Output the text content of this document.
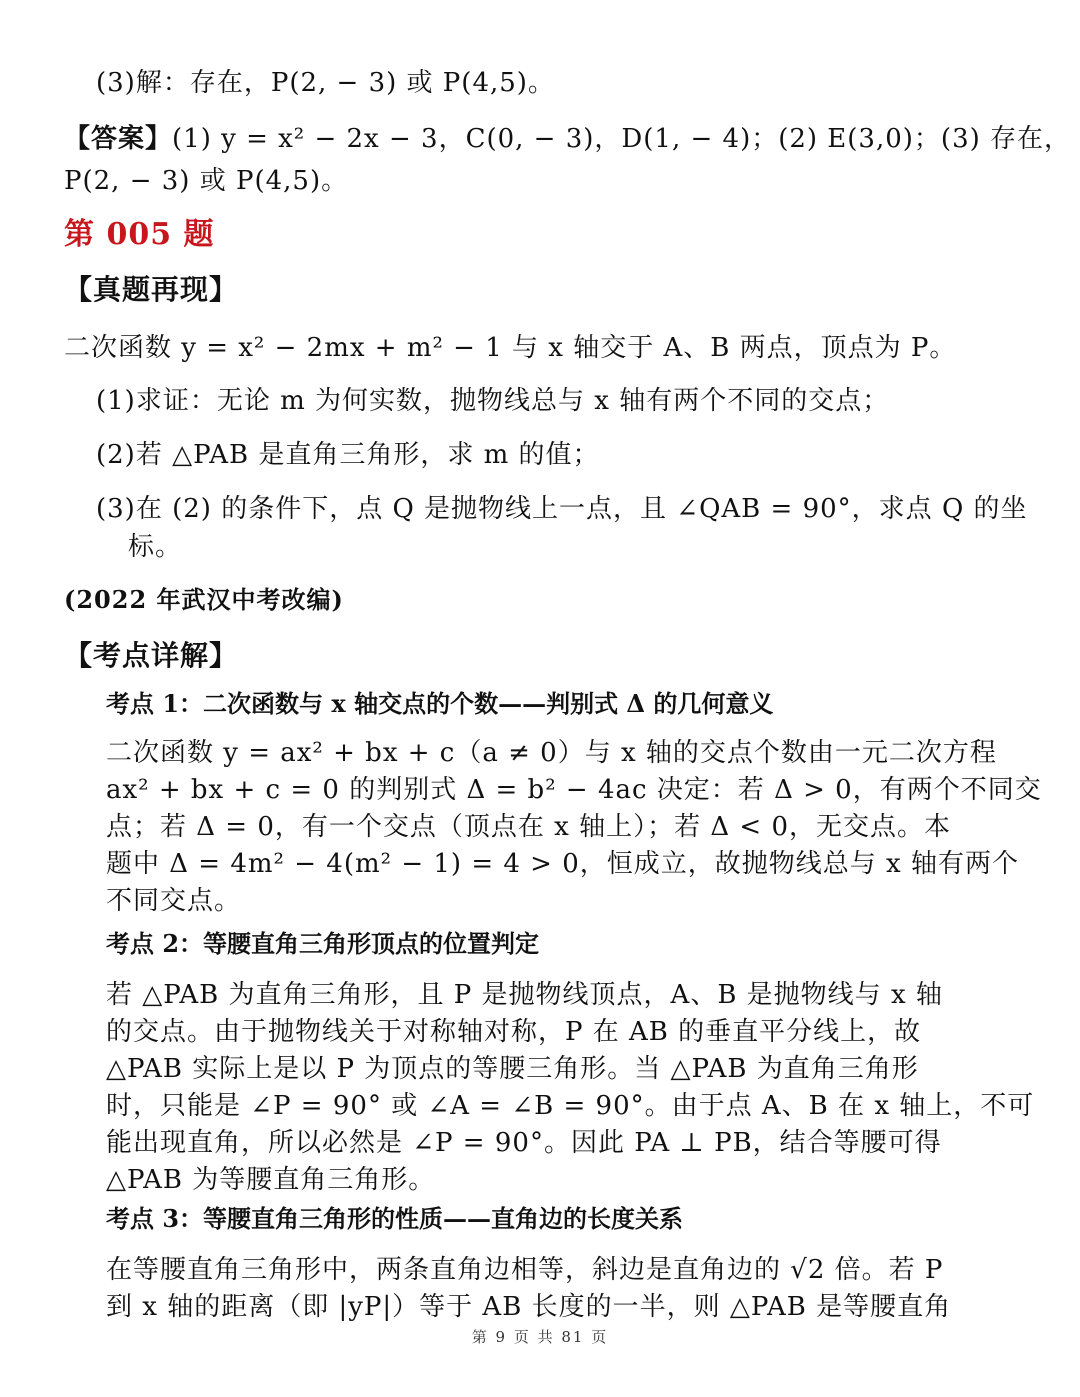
(3)解：存在，P(2, − 3) 或 P(4,5)。
【答案】(1) y = x² − 2x − 3，C(0, − 3)，D(1, − 4)；(2) E(3,0)；(3) 存在，
P(2, − 3) 或 P(4,5)。
第 005 题
【真题再现】
二次函数 y = x² − 2mx + m² − 1 与 x 轴交于 A、B 两点，顶点为 P。
(1)求证：无论 m 为何实数，抛物线总与 x 轴有两个不同的交点；
(2)若 △PAB 是直角三角形，求 m 的值；
(3)在 (2) 的条件下，点 Q 是抛物线上一点，且 ∠QAB = 90°，求点 Q 的坐
标。
(2022 年武汉中考改编)
【考点详解】
考点 1：二次函数与 x 轴交点的个数——判别式 Δ 的几何意义
二次函数 y = ax² + bx + c（a ≠ 0）与 x 轴的交点个数由一元二次方程
ax² + bx + c = 0 的判别式 Δ = b² − 4ac 决定：若 Δ > 0，有两个不同交
点；若 Δ = 0，有一个交点（顶点在 x 轴上）；若 Δ < 0，无交点。本
题中 Δ = 4m² − 4(m² − 1) = 4 > 0，恒成立，故抛物线总与 x 轴有两个
不同交点。
考点 2：等腰直角三角形顶点的位置判定
若 △PAB 为直角三角形，且 P 是抛物线顶点，A、B 是抛物线与 x 轴
的交点。由于抛物线关于对称轴对称，P 在 AB 的垂直平分线上，故
△PAB 实际上是以 P 为顶点的等腰三角形。当 △PAB 为直角三角形
时，只能是 ∠P = 90° 或 ∠A = ∠B = 90°。由于点 A、B 在 x 轴上，不可
能出现直角，所以必然是 ∠P = 90°。因此 PA ⊥ PB，结合等腰可得
△PAB 为等腰直角三角形。
考点 3：等腰直角三角形的性质——直角边的长度关系
在等腰直角三角形中，两条直角边相等，斜边是直角边的 √2 倍。若 P
到 x 轴的距离（即 |yP|）等于 AB 长度的一半，则 △PAB 是等腰直角
第 9 页 共 81 页
